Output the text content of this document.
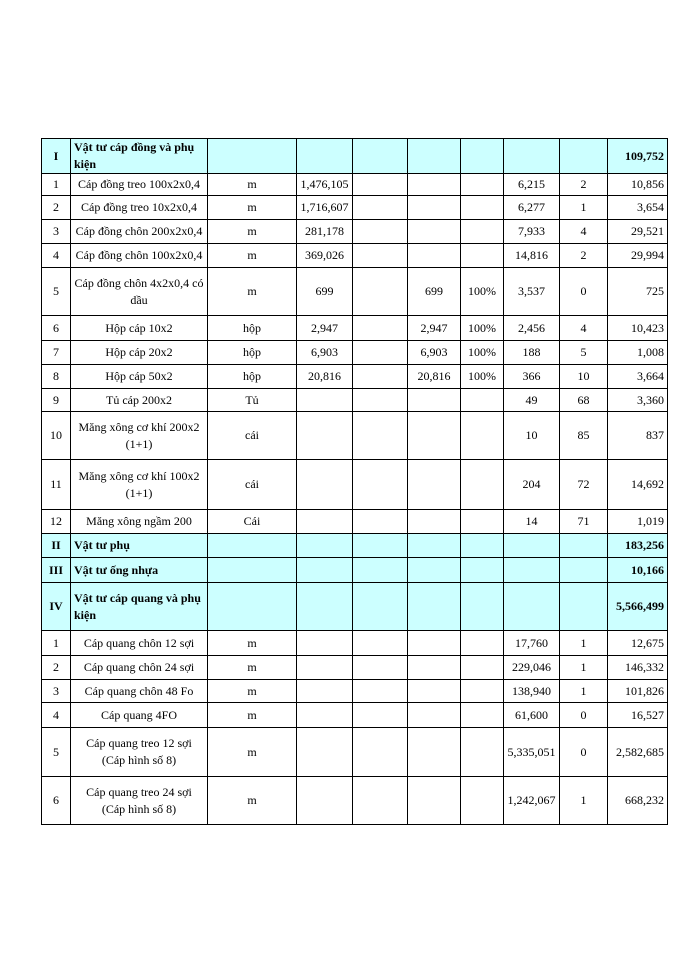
I	Vật tư cáp đồng và phụ kiện								109,752
1	Cáp đồng treo 100x2x0,4	m	1,476,105				6,215	2	10,856
2	Cáp đồng treo 10x2x0,4	m	1,716,607				6,277	1	3,654
3	Cáp đồng chôn 200x2x0,4	m	281,178				7,933	4	29,521
4	Cáp đồng chôn 100x2x0,4	m	369,026				14,816	2	29,994
5	Cáp đồng chôn 4x2x0,4 có dầu	m	699		699	100%	3,537	0	725
6	Hộp cáp 10x2	hộp	2,947		2,947	100%	2,456	4	10,423
7	Hộp cáp 20x2	hộp	6,903		6,903	100%	188	5	1,008
8	Hộp cáp 50x2	hộp	20,816		20,816	100%	366	10	3,664
9	Tủ cáp 200x2	Tủ					49	68	3,360
10	Măng xông cơ khí 200x2 (1+1)	cái					10	85	837
11	Măng xông cơ khí 100x2 (1+1)	cái					204	72	14,692
12	Măng xông ngầm 200	Cái					14	71	1,019
II	Vật tư phụ								183,256
III	Vật tư ống nhựa								10,166
IV	Vật tư cáp quang và phụ kiện								5,566,499
1	Cáp quang chôn 12 sợi	m					17,760	1	12,675
2	Cáp quang chôn 24 sợi	m					229,046	1	146,332
3	Cáp quang chôn 48 Fo	m					138,940	1	101,826
4	Cáp quang 4FO	m					61,600	0	16,527
5	Cáp quang treo 12 sợi (Cáp hình số 8)	m					5,335,051	0	2,582,685
6	Cáp quang treo 24 sợi (Cáp hình số 8)	m					1,242,067	1	668,232
